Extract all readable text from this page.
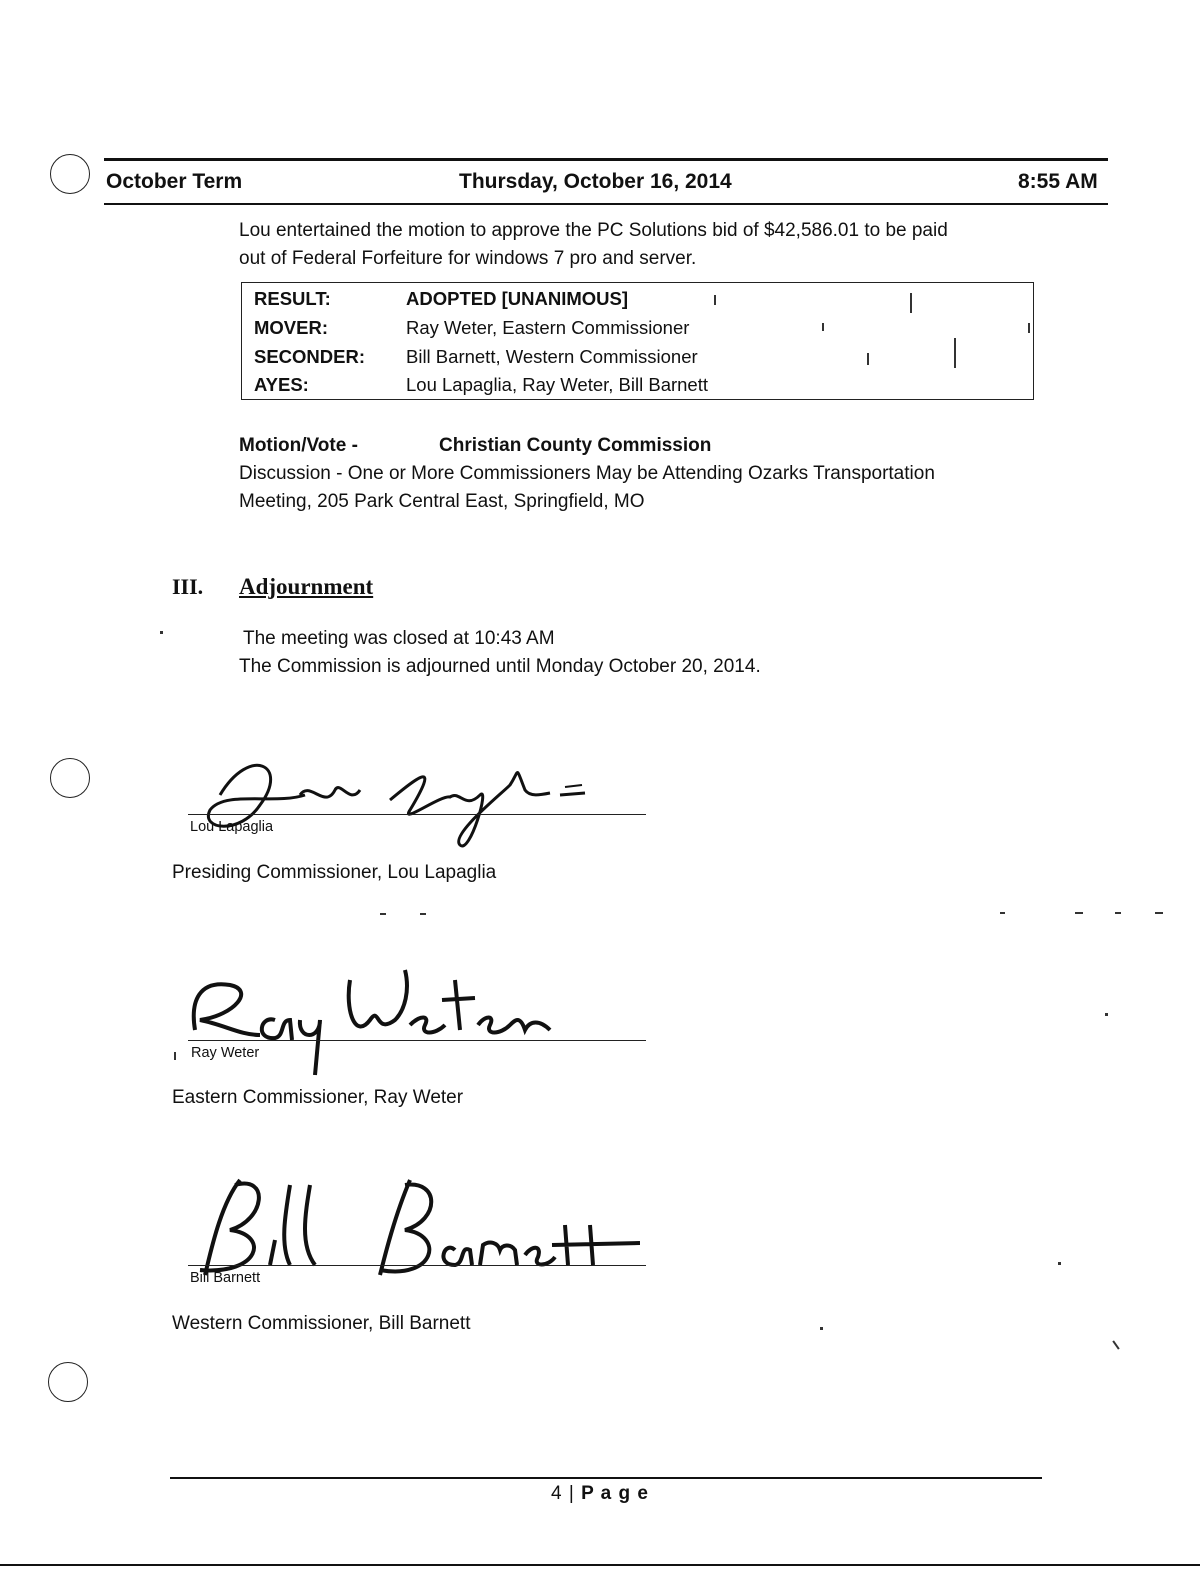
October Term	Thursday, October 16, 2014	8:55 AM
Lou entertained the motion to approve the PC Solutions bid of $42,586.01 to be paid
out of Federal Forfeiture for windows 7 pro and server.
RESULT:	ADOPTED [UNANIMOUS]
MOVER:	Ray Weter, Eastern Commissioner
SECONDER: Bill Barnett, Western Commissioner
AYES:	Lou Lapaglia, Ray Weter, Bill Barnett
Motion/Vote -	Christian County Commission
Discussion - One or More Commissioners May be Attending Ozarks Transportation
Meeting, 205 Park Central East, Springfield, MO
III. Adjournment
The meeting was closed at 10:43 AM
The Commission is adjourned until Monday October 20, 2014.
Lou Lapaglia
Presiding Commissioner, Lou Lapaglia
Ray Weter
Eastern Commissioner, Ray Weter
Bill Barnett
Western Commissioner, Bill Barnett
4 | P a g e
